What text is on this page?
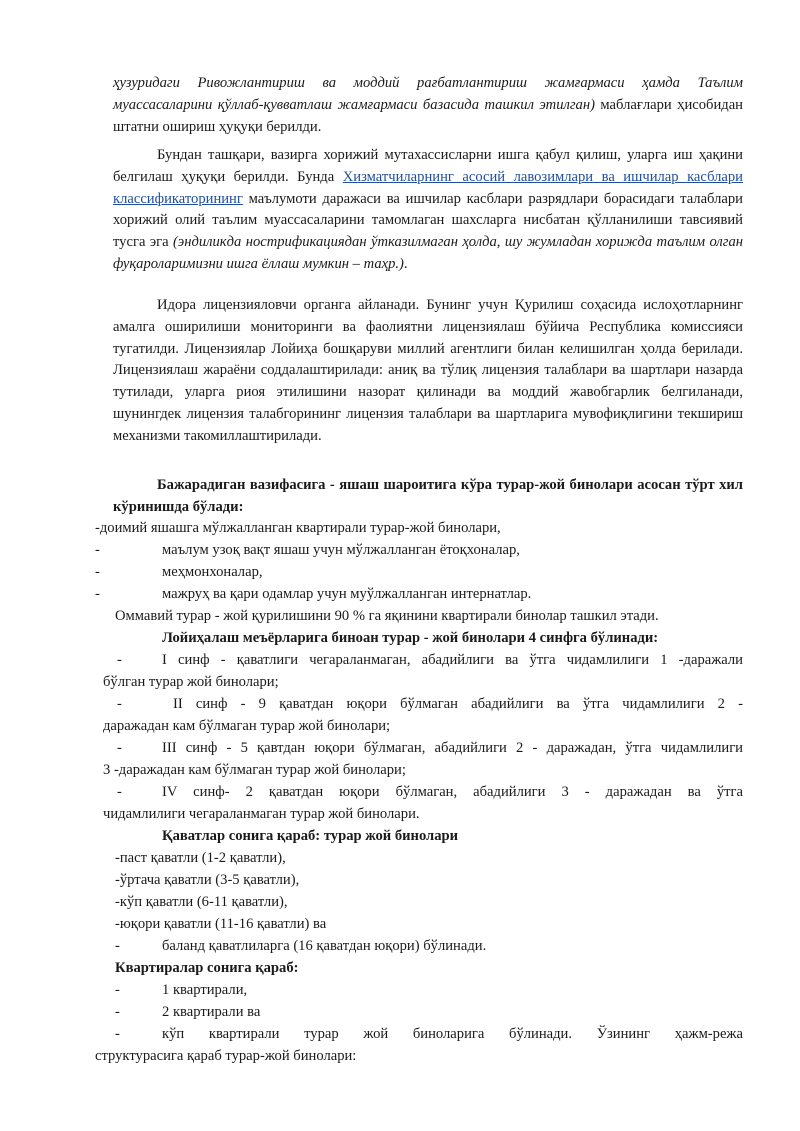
ҳузуридаги Ривожлантириш ва моддий рағбатлантириш жамғармаси ҳамда Таълим муассасаларини қўллаб-қувватлаш жамғармаси базасида ташкил этилган) маблағлари ҳисобидан штатни ошириш ҳуқуқи берилди.

Бундан ташқари, вазирга хорижий мутахассисларни ишга қабул қилиш, уларга иш ҳақини белгилаш ҳуқуқи берилди. Бунда Хизматчиларнинг асосий лавозимлари ва ишчилар касблари классификаторининг маълумоти даражаси ва ишчилар касблари разрядлари борасидаги талаблари хорижий олий таълим муассасаларини тамомлаган шахсларга нисбатан қўлланилиши тавсиявий тусга эга (эндиликда нострификациядан ўтказилмаган ҳолда, шу жумладан хорижда таълим олган фуқароларимизни ишга ёллаш мумкин – таҳр.).

Идора лицензияловчи органга айланади. Бунинг учун Қурилиш соҳасида ислоҳотларнинг амалга оширилиши мониторинги ва фаолиятни лицензиялаш бўйича Республика комиссияси тугатилди. Лицензиялар Лойиҳа бошқаруви миллий агентлиги билан келишилган ҳолда берилади. Лицензиялаш жараёни соддалаштирилади: аниқ ва тўлиқ лицензия талаблари ва шартлари назарда тутилади, уларга риоя этилишини назорат қилинади ва моддий жавобгарлик белгиланади, шунингдек лицензия талабгорининг лицензия талаблари ва шартларига мувофиқлигини текшириш механизми такомиллаштирилади.

Бажарадиган вазифасига - яшаш шароитига кўра турар-жой бинолари асосан тўрт хил кўринишда бўлади:

-доимий яшашга мўлжалланган квартирали турар-жой бинолари,

-	маълум узоқ вақт яшаш учун мўлжалланган ётоқхоналар,

-	меҳмонхоналар,

-	мажруҳ ва қари одамлар учун муўлжалланган интернатлар.

Оммавий турар - жой қурилишини 90 % га яқинини квартирали бинолар ташкил этади.

Лойиҳалаш меъёрларига биноан турар - жой бинолари 4 синфга бўлинади:

-	I синф - қаватлиги чегараланмаган, абадийлиги ва ўтга чидамлилиги 1 -даражали

бўлган турар жой бинолари;

-	II синф - 9 қаватдан юқори бўлмаган абадийлиги ва ўтга чидамлилиги 2 -

даражадан кам бўлмаган турар жой бинолари;

-	III синф - 5 қавтдан юқори бўлмаган, абадийлиги 2 - даражадан, ўтга чидамлилиги

3 -даражадан кам бўлмаган турар жой бинолари;

-	IV синф- 2 қаватдан юқори бўлмаган, абадийлиги 3 - даражадан ва ўтга

чидамлилиги чегараланмаган турар жой бинолари.

Қаватлар сонига қараб: турар жой бинолари

-паст қаватли (1-2 қаватли),

-ўртача қаватли (3-5 қаватли),

-кўп қаватли (6-11 қаватли),

-юқори қаватли (11-16 қаватли) ва

-	баланд қаватлиларга (16 қаватдан юқори) бўлинади.

Квартиралар сонига қараб:

-	1 квартирали,

-	2 квартирали ва

-	кўп квартирали турар жой биноларига бўлинади. Ўзининг ҳажм-режа

структурасига қараб турар-жой бинолари:
